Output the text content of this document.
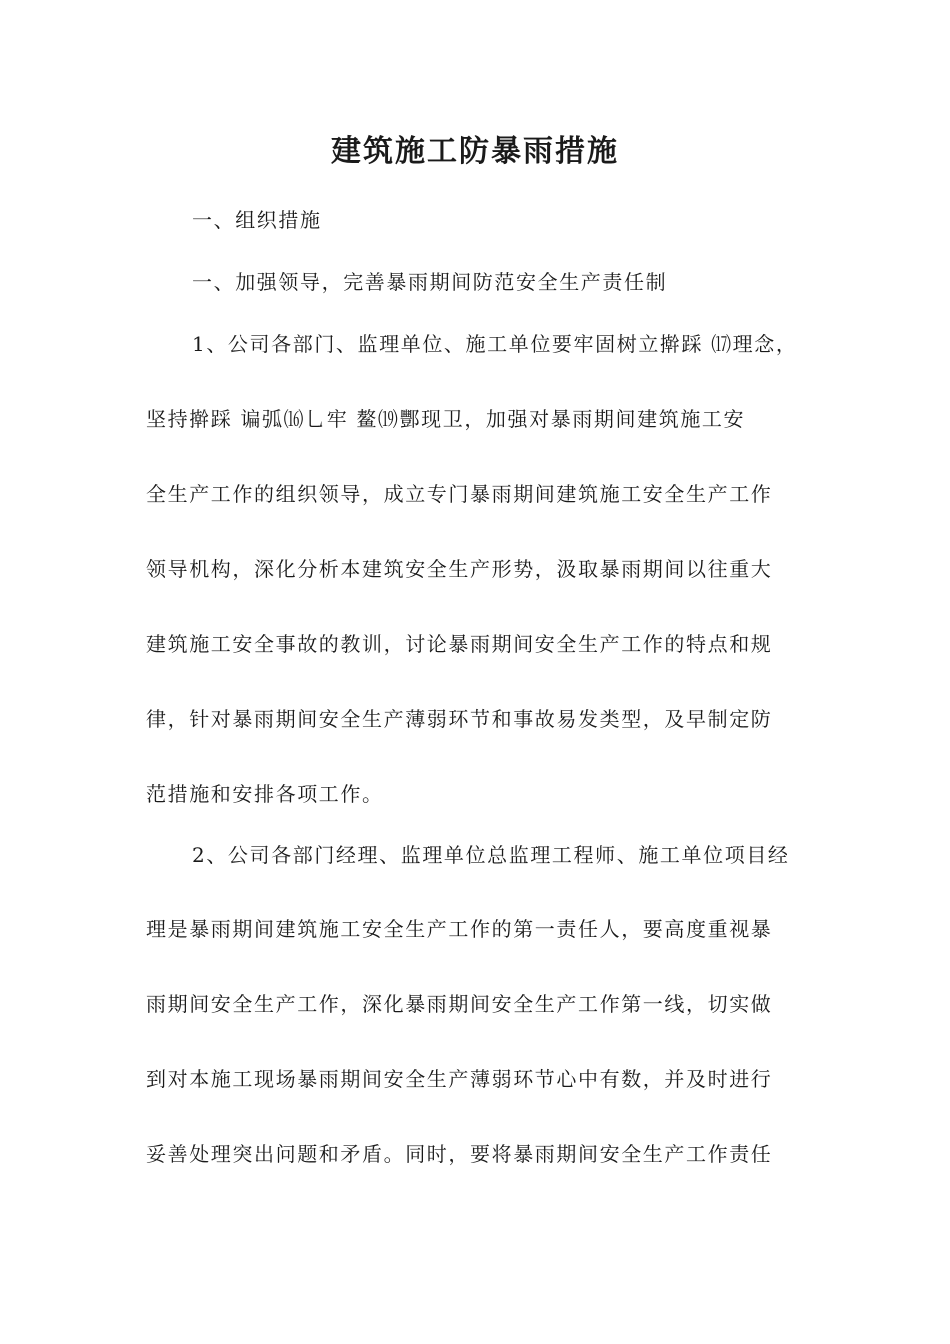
建筑施工防暴雨措施
一、组织措施
一、加强领导，完善暴雨期间防范安全生产责任制
1、公司各部门、监理单位、施工单位要牢固树立擀踩 ⒄理念，
坚持擀踩 谝弧⒃乚牢 鳌⒆酆现卫，加强对暴雨期间建筑施工安
全生产工作的组织领导，成立专门暴雨期间建筑施工安全生产工作
领导机构，深化分析本建筑安全生产形势，汲取暴雨期间以往重大
建筑施工安全事故的教训，讨论暴雨期间安全生产工作的特点和规
律，针对暴雨期间安全生产薄弱环节和事故易发类型，及早制定防
范措施和安排各项工作。
2、公司各部门经理、监理单位总监理工程师、施工单位项目经
理是暴雨期间建筑施工安全生产工作的第一责任人，要高度重视暴
雨期间安全生产工作，深化暴雨期间安全生产工作第一线，切实做
到对本施工现场暴雨期间安全生产薄弱环节心中有数，并及时进行
妥善处理突出问题和矛盾。同时，要将暴雨期间安全生产工作责任
